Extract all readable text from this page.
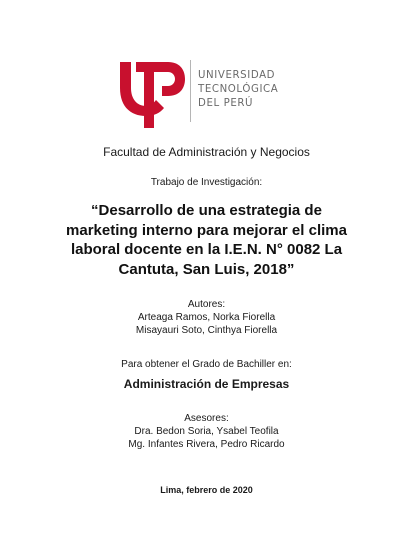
UNIVERSIDAD
TECNOLÓGICA
DEL PERÚ
Facultad de Administración y Negocios
Trabajo de Investigación:
“Desarrollo de una estrategia de
marketing interno para mejorar el clima
laboral docente en la I.E.N. N° 0082 La
Cantuta, San Luis, 2018”
Autores:
Arteaga Ramos, Norka Fiorella
Misayauri Soto, Cinthya Fiorella
Para obtener el Grado de Bachiller en:
Administración de Empresas
Asesores:
Dra. Bedon Soria, Ysabel Teofila
Mg. Infantes Rivera, Pedro Ricardo
Lima, febrero de 2020
